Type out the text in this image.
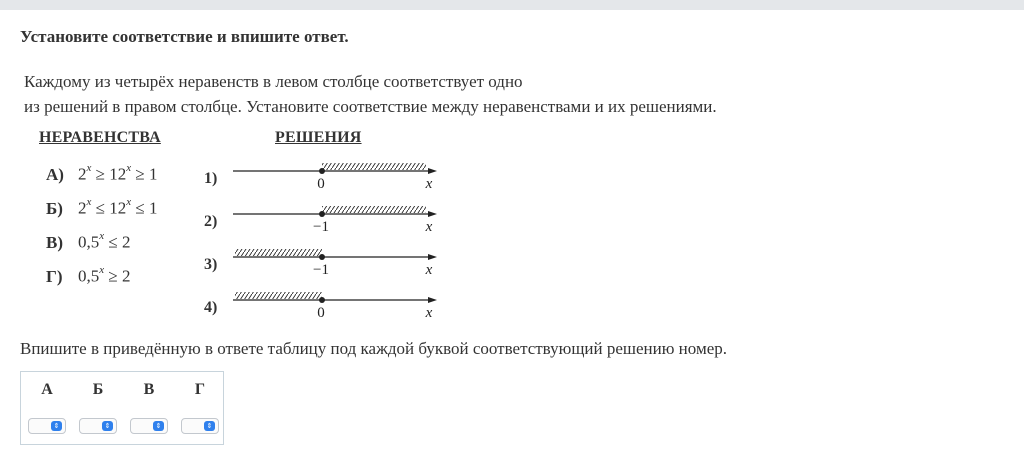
Установите соответствие и впишите ответ.
Каждому из четырёх неравенств в левом столбце соответствует одно
из решений в правом столбце. Установите соответствие между неравенствами и их решениями.
НЕРАВЕНСТВА	РЕШЕНИЯ
А) $2^x \ge 12^x \ge 1$
Б) $2^x \le 12^x \le 1$
В) $0,5^x \le 2$
Г) $0,5^x \ge 2$
1)
2)
3)
4)
0	x
−1	x
−1	x
0	x
Впишите в приведённую в ответе таблицу под каждой буквой соответствующий решению номер.
А	Б	В	Г
⇕	⇕	⇕	⇕
